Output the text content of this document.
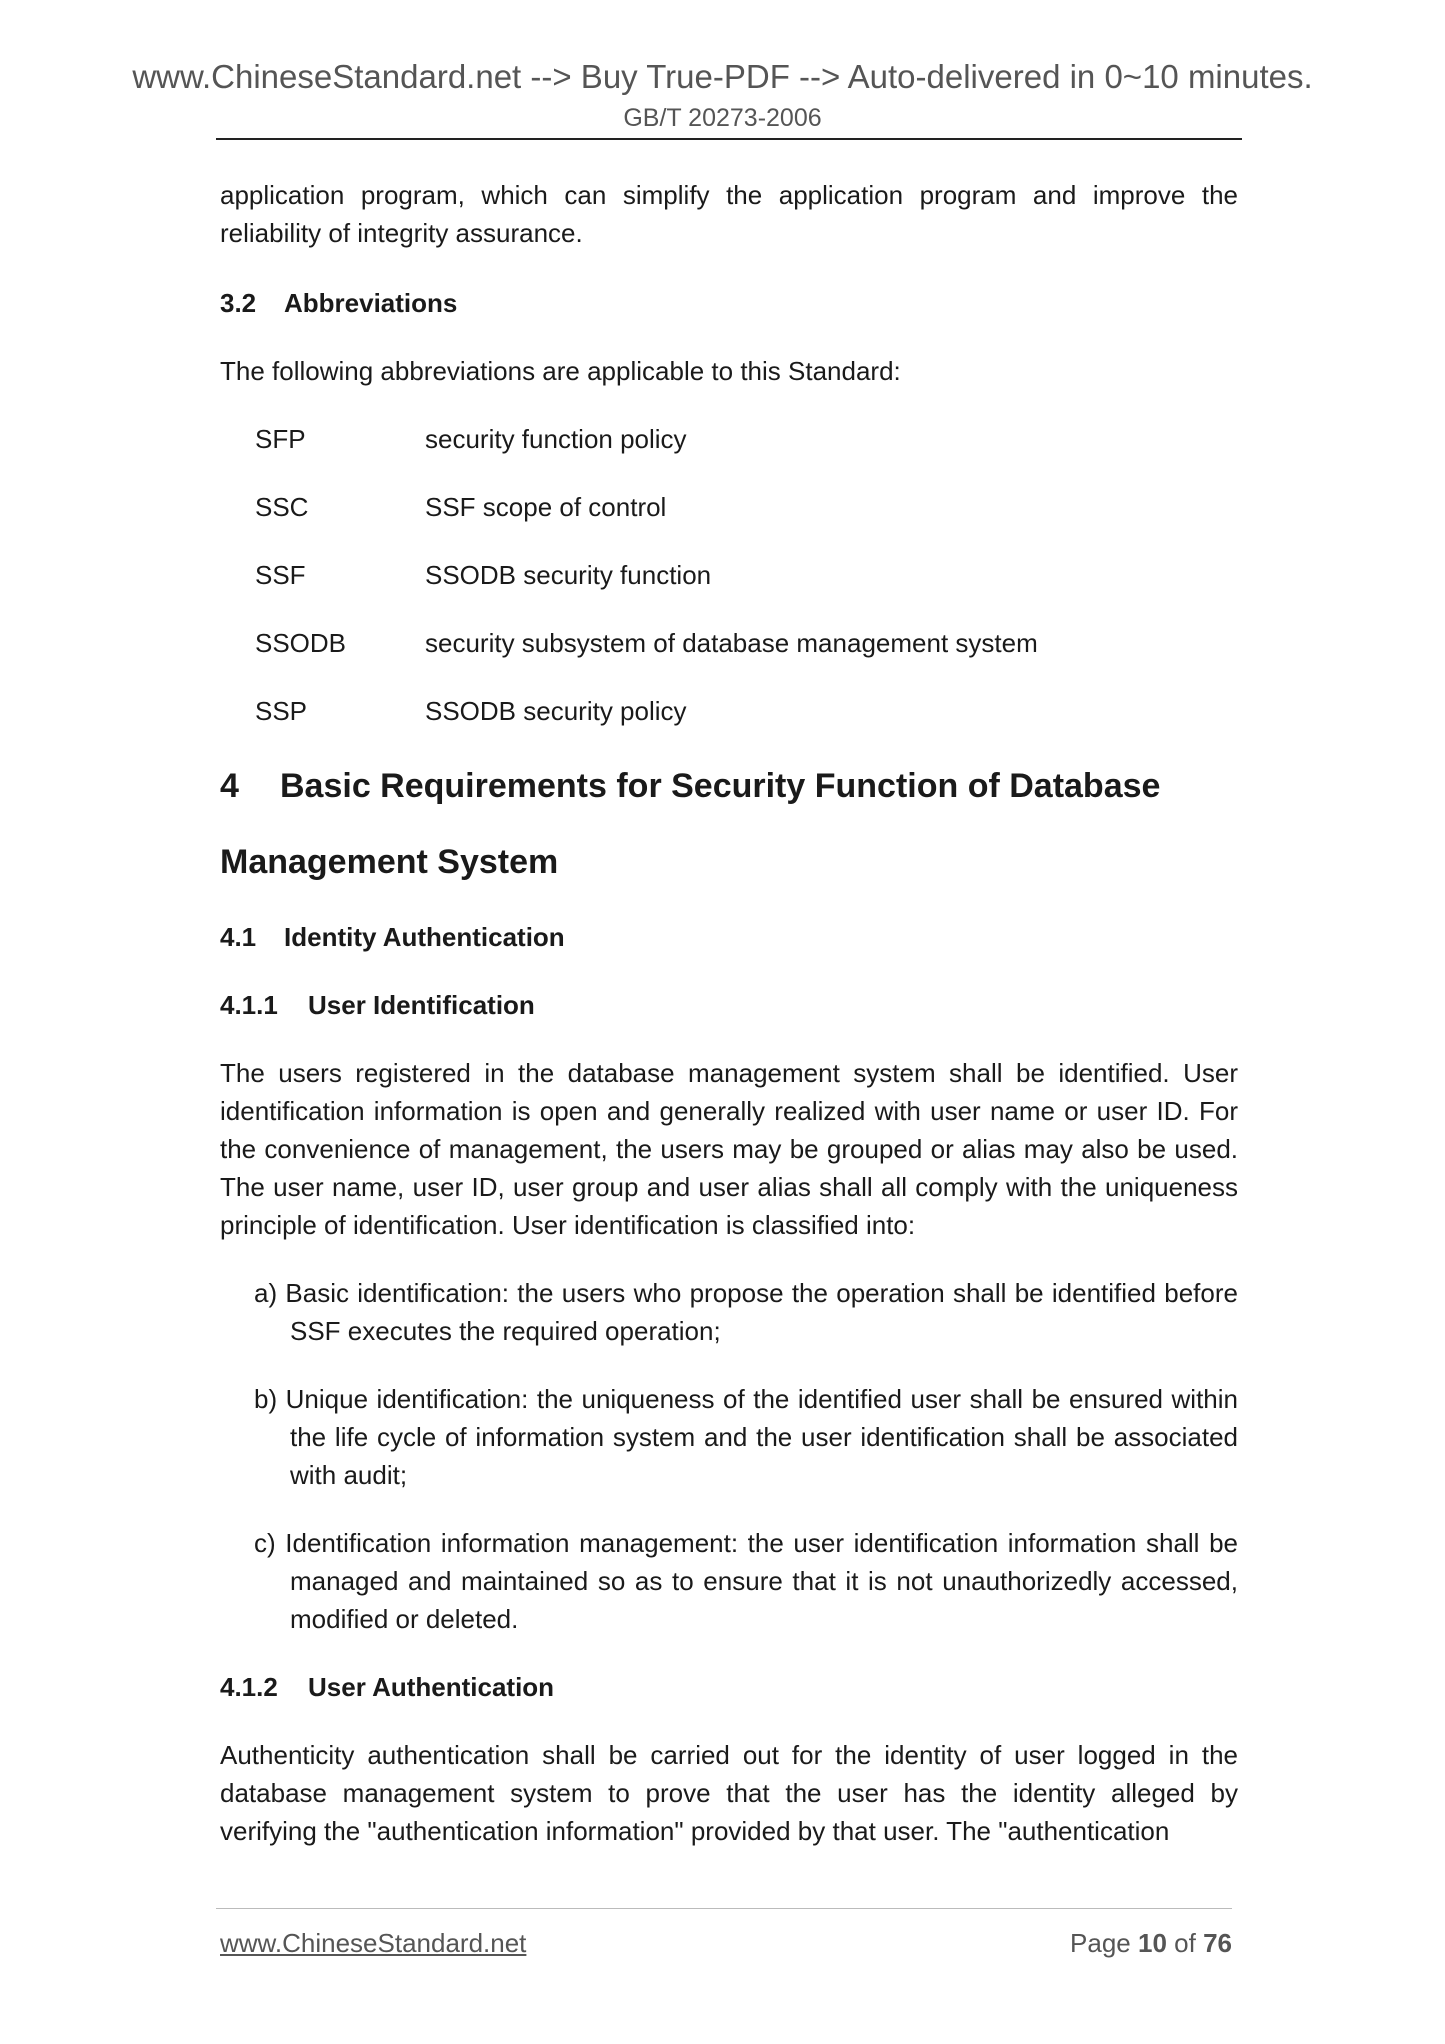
www.ChineseStandard.net --> Buy True-PDF --> Auto-delivered in 0~10 minutes.
GB/T 20273-2006

application program, which can simplify the application program and improve the reliability of integrity assurance.

3.2 Abbreviations

The following abbreviations are applicable to this Standard:

SFP	security function policy
SSC	SSF scope of control
SSF	SSODB security function
SSODB	security subsystem of database management system
SSP	SSODB security policy
4 Basic Requirements for Security Function of Database
Management System
4.1 Identity Authentication
4.1.1 User Identification

The users registered in the database management system shall be identified. User identification information is open and generally realized with user name or user ID. For the convenience of management, the users may be grouped or alias may also be used. The user name, user ID, user group and user alias shall all comply with the uniqueness principle of identification. User identification is classified into:

a) Basic identification: the users who propose the operation shall be identified before SSF executes the required operation;
b) Unique identification: the uniqueness of the identified user shall be ensured within the life cycle of information system and the user identification shall be associated with audit;
c) Identification information management: the user identification information shall be managed and maintained so as to ensure that it is not unauthorizedly accessed, modified or deleted.
4.1.2 User Authentication

Authenticity authentication shall be carried out for the identity of user logged in the database management system to prove that the user has the identity alleged by verifying the "authentication information" provided by that user. The "authentication

www.ChineseStandard.net	Page 10 of 76
